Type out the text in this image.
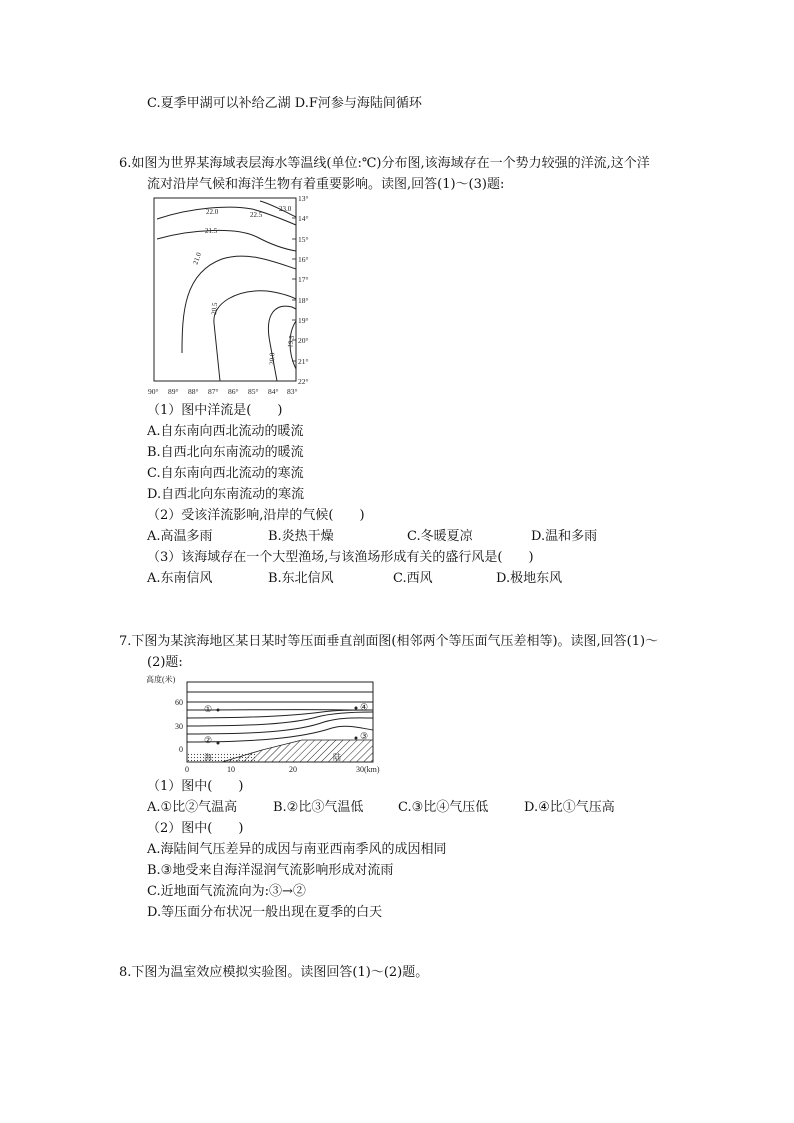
C.夏季甲湖可以补给乙湖 D.F河参与海陆间循环
6.如图为世界某海域表层海水等温线(单位:℃)分布图,该海域存在一个势力较强的洋流,这个洋
流对沿岸气候和海洋生物有着重要影响。读图,回答(1)～(3)题:
22.0	22.5
23.0
21.5
21.0
20.5
19.5
20.0
13°
14°
15°
16°
17°
18°
19°
20°
21°
22°
90° 89° 88° 87° 86° 85° 84° 83°
（1）图中洋流是(　　)
A.自东南向西北流动的暖流
B.自西北向东南流动的暖流
C.自东南向西北流动的寒流
D.自西北向东南流动的寒流
（2）受该洋流影响,沿岸的气候(　　)
A.高温多雨	B.炎热干燥	C.冬暖夏凉	D.温和多雨
（3）该海域存在一个大型渔场,与该渔场形成有关的盛行风是(　　)
A.东南信风	B.东北信风	C.西风	D.极地东风
7.下图为某滨海地区某日某时等压面垂直剖面图(相邻两个等压面气压差相等)。读图,回答(1)～
(2)题:
高度(米)
①
②	③
④
海	陆
60
30
0
0	10	20	30(km)
（1）图中(　　)
A.①比②气温高	B.②比③气温低	C.③比④气压低	D.④比①气压高
（2）图中(　　)
A.海陆间气压差异的成因与南亚西南季风的成因相同
B.③地受来自海洋湿润气流影响形成对流雨
C.近地面气流流向为:③→②
D.等压面分布状况一般出现在夏季的白天
8.下图为温室效应模拟实验图。读图回答(1)～(2)题。
